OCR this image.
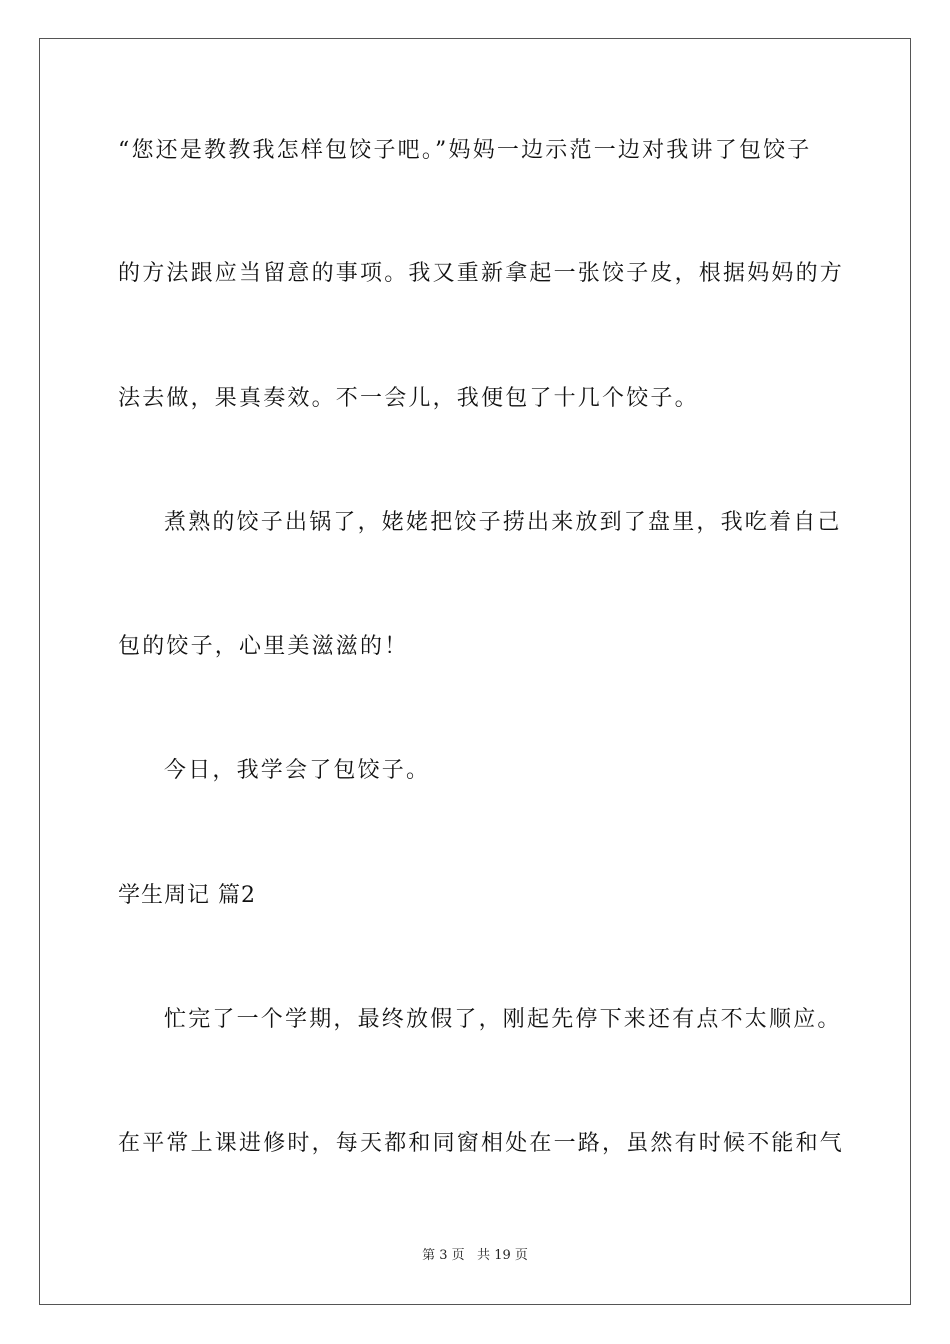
“您还是教教我怎样包饺子吧。”妈妈一边示范一边对我讲了包饺子
的方法跟应当留意的事项。我又重新拿起一张饺子皮，根据妈妈的方
法去做，果真奏效。不一会儿，我便包了十几个饺子。
煮熟的饺子出锅了，姥姥把饺子捞出来放到了盘里，我吃着自己
包的饺子，心里美滋滋的！
今日，我学会了包饺子。
学生周记 篇2
忙完了一个学期，最终放假了，刚起先停下来还有点不太顺应。
在平常上课进修时，每天都和同窗相处在一路，虽然有时候不能和气
第 3 页   共 19 页
